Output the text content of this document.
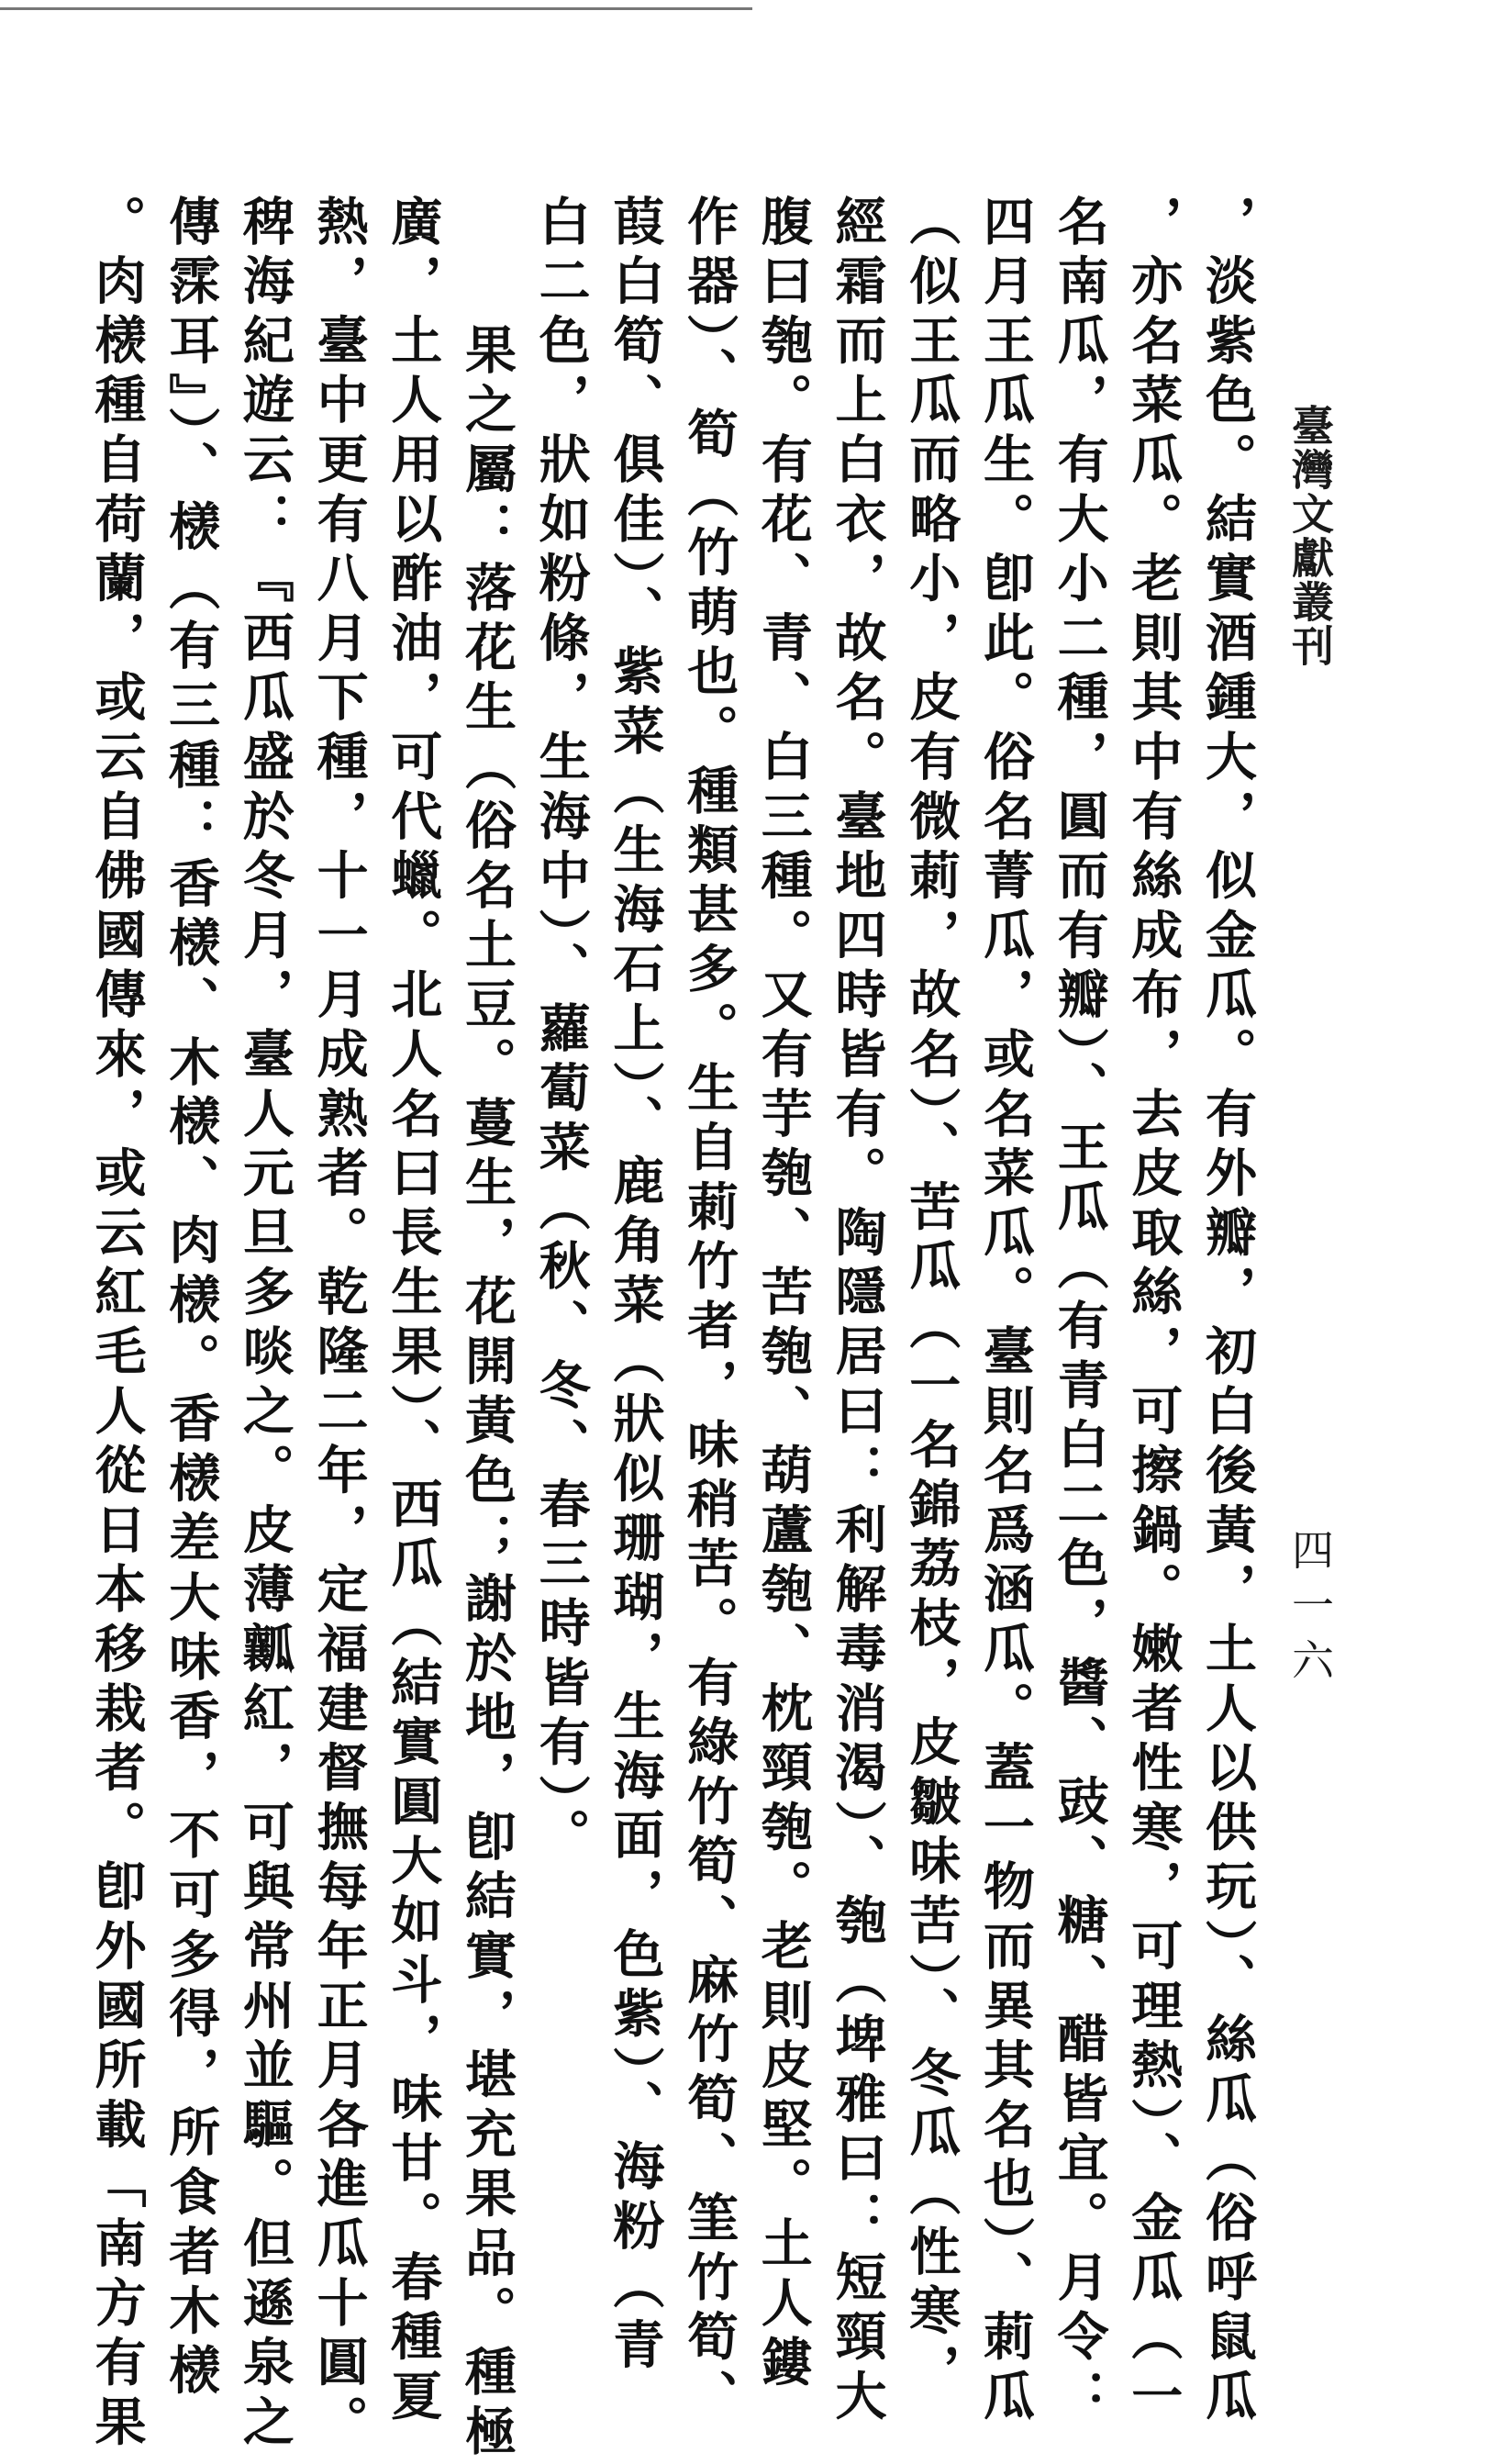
臺灣文獻叢刊
四一六
，淡紫色。結實酒鍾大，似金瓜。有外瓣，初白後黃，土人以供玩）、絲瓜（俗呼鼠瓜
，亦名菜瓜。老則其中有絲成布，去皮取絲，可擦鍋。嫩者性寒，可理熱）、金瓜（一
名南瓜，有大小二種，圓而有瓣）、王瓜（有青白二色，醬、豉、糖、醋皆宜。月令：
四月王瓜生。卽此。俗名菁瓜，或名菜瓜。臺則名爲涵瓜。蓋一物而異其名也）、莿瓜
（似王瓜而略小，皮有微莿，故名）、苦瓜（一名錦荔枝，皮皺味苦）、冬瓜（性寒，
經霜而上白衣，故名。臺地四時皆有。陶隱居曰：利解毒消渴）、匏（埤雅曰：短頸大
腹曰匏。有花、青、白三種。又有芋匏、苦匏、葫蘆匏、枕頸匏。老則皮堅。土人鏤
作器）、筍（竹萌也。種類甚多。生自莿竹者，味稍苦。有綠竹筍、麻竹筍、筀竹筍、
葭白筍、俱佳）、紫菜（生海石上）、鹿角菜（狀似珊瑚，生海面，色紫）、海粉（青
白二色，狀如粉條，生海中）、蘿蔔菜（秋、冬、春三時皆有）。
果之屬：落花生（俗名土豆。蔓生，花開黃色；謝於地，卽結實，堪充果品。種極
廣，土人用以酢油，可代蠟。北人名曰長生果）、西瓜（結實圓大如斗，味甘。春種夏
熱，臺中更有八月下種，十一月成熟者。乾隆二年，定福建督撫每年正月各進瓜十圓。
稗海紀遊云：『西瓜盛於冬月，臺人元旦多啖之。皮薄瓤紅，可與常州並驅。但遜泉之
傳霂耳』）、檨（有三種：香檨、木檨、肉檨。香檨差大味香，不可多得，所食者木檨
。肉檨種自荷蘭，或云自佛國傳來，或云紅毛人從日本移栽者。卽外國所載「南方有果
